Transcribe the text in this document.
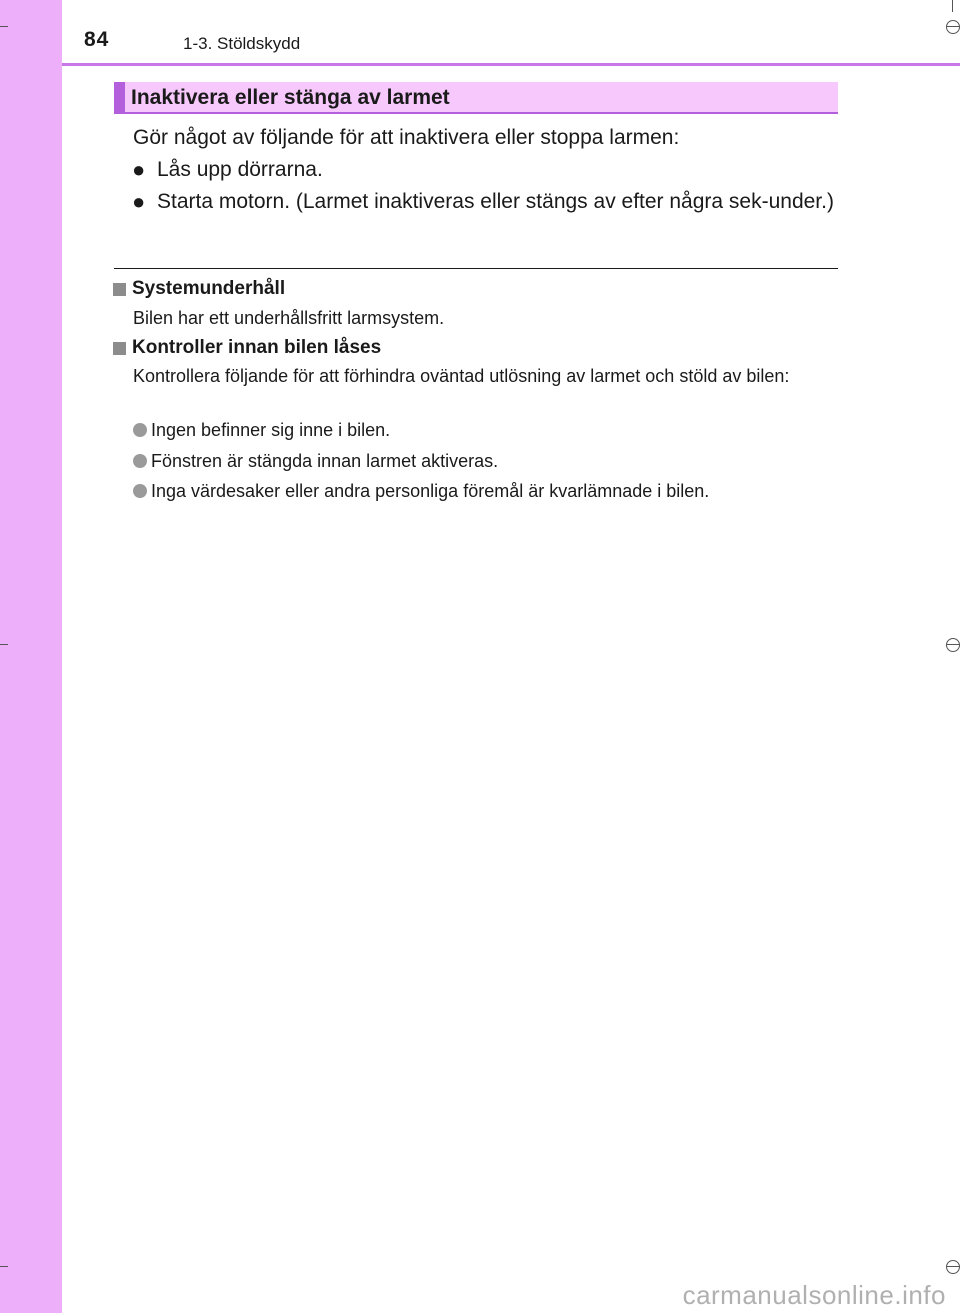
84	1-3. Stöldskydd
Inaktivera eller stänga av larmet
Gör något av följande för att inaktivera eller stoppa larmen:
● Lås upp dörrarna.
● Starta motorn. (Larmet inaktiveras eller stängs av efter några sek-under.)
Systemunderhåll
Bilen har ett underhållsfritt larmsystem.
Kontroller innan bilen låses
Kontrollera följande för att förhindra oväntad utlösning av larmet och stöld av bilen:
Ingen befinner sig inne i bilen.
Fönstren är stängda innan larmet aktiveras.
Inga värdesaker eller andra personliga föremål är kvarlämnade i bilen.
carmanualsonline.info
